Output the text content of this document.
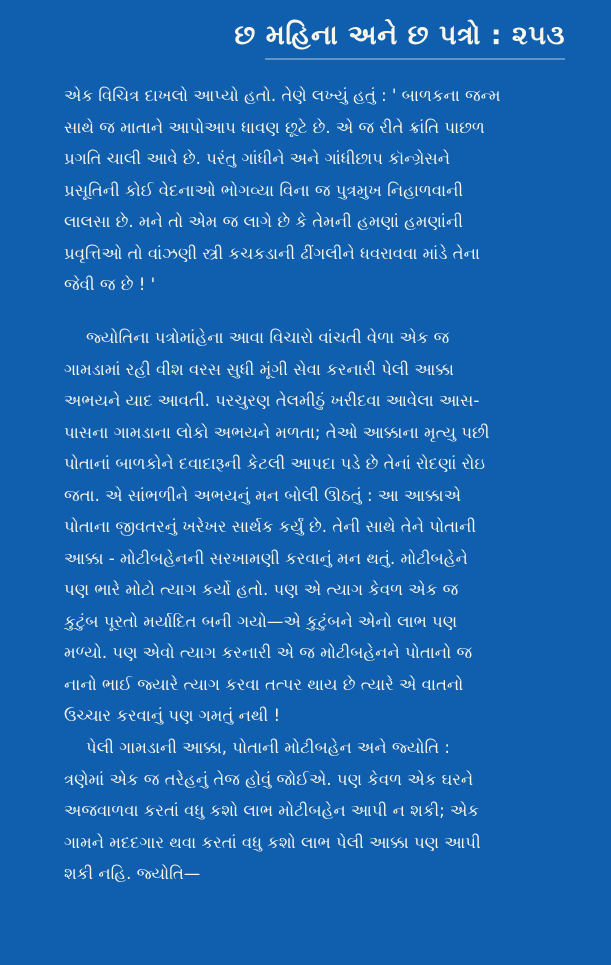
છ મહિના અને છ પત્રો : ૨૫૩
એક વિચિત્ર દાખલો આપ્યો હતો. તેણે લખ્યું હતું : ' બાળકના જન્મ
સાથે જ માતાને આપોઆપ ધાવણ છૂટે છે. એ જ રીતે ક્રાંતિ પાછળ
પ્રગતિ ચાલી આવે છે. પરંતુ ગાંધીને અને ગાંધીછાપ કૉન્ગ્રેસને
પ્રસૂતિની કોઈ વેદનાઓ ભોગવ્યા વિના જ પુત્રમુખ નિહાળવાની
લાલસા છે. મને તો એમ જ લાગે છે કે તેમની હમણાં હમણાંની
પ્રવૃત્તિઓ તો વાંઝણી સ્ત્રી કચકડાની ઢીંગલીને ધવરાવવા માંડે તેના
જેવી જ છે ! '
જ્યોતિના પત્રોમાંહેના આવા વિચારો વાંચતી વેળા એક જ
ગામડામાં રહી વીશ વરસ સુધી મૂંગી સેવા કરનારી પેલી આક્કા
અભયને યાદ આવતી. પરચુરણ તેલમીઠું ખરીદવા આવેલા આસ-
પાસના ગામડાના લોકો અભયને મળતા; તેઓ આક્કાના મૃત્યુ પછી
પોતાનાં બાળકોને દવાદારૂની કેટલી આપદા પડે છે તેનાં રોદણાં રોઇ
જતા. એ સાંભળીને અભયનું મન બોલી ઊઠતું : આ આક્કાએ
પોતાના જીવતરનું ખરેખર સાર્થક કર્યું છે. તેની સાથે તેને પોતાની
આક્કા - મોટીબહેનની સરખામણી કરવાનું મન થતું. મોટીબહેને
પણ ભારે મોટો ત્યાગ કર્યો હતો. પણ એ ત્યાગ કેવળ એક જ
કુટુંબ પૂરતો મર્યાદિત બની ગયો—એ કુટુંબને એનો લાભ પણ
મળ્યો. પણ એવો ત્યાગ કરનારી એ જ મોટીબહેનને પોતાનો જ
નાનો ભાઈ જ્યારે ત્યાગ કરવા તત્પર થાય છે ત્યારે એ વાતનો
ઉચ્ચાર કરવાનું પણ ગમતું નથી !
પેલી ગામડાની આક્કા, પોતાની મોટીબહેન અને જ્યોતિ :
ત્રણેમાં એક જ તરેહનું તેજ હોવું જોઈએ. પણ કેવળ એક ઘરને
અજવાળવા કરતાં વધુ કશો લાભ મોટીબહેન આપી ન શકી; એક
ગામને મદદગાર થવા કરતાં વધુ કશો લાભ પેલી આક્કા પણ આપી
શકી નહિ. જ્યોતિ—
